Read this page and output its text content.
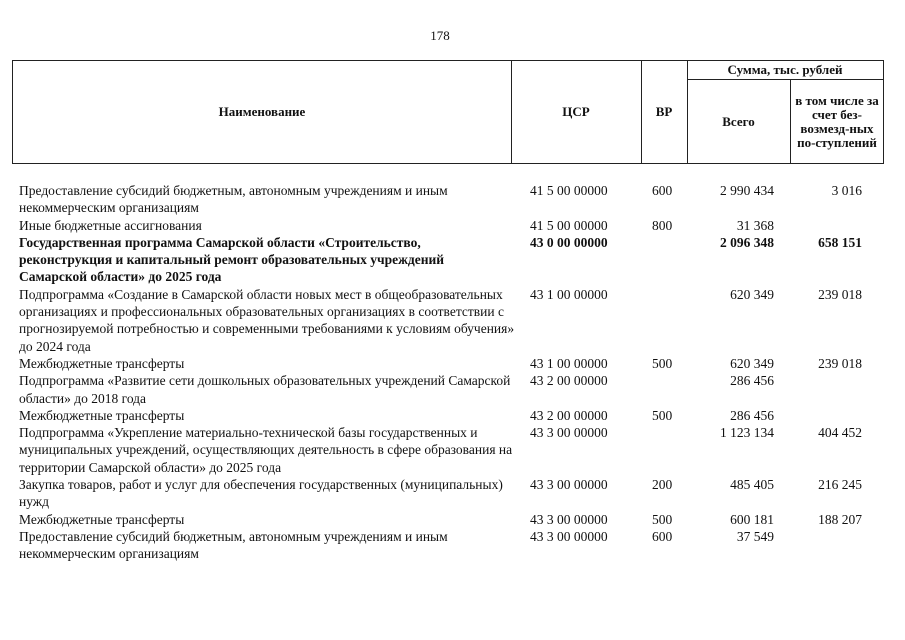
178
Наименование	ЦСР	ВР
Сумма, тыс. рублей
Всего
в том числе за счет без-возмезд-ных по-ступлений
Предоставление субсидий бюджетным, автономным учреждениям и иным некоммерческим организациям
41 5 00 00000	600	2 990 434	3 016
Иные бюджетные ассигнования	41 5 00 00000	800	31 368
Государственная программа Самарской области «Строительство, реконструкция и капитальный ремонт образовательных учреждений Самарской области» до 2025 года
43 0 00 00000	2 096 348	658 151
Подпрограмма «Создание в Самарской области новых мест в общеобразовательных организациях и профессиональных образовательных организациях в соответствии с прогнозируемой потребностью и современными требованиями к условиям обучения» до 2024 года
43 1 00 00000	620 349	239 018
Межбюджетные трансферты	43 1 00 00000	500	620 349	239 018
Подпрограмма «Развитие сети дошкольных образовательных учреждений Самарской области» до 2018 года
43 2 00 00000	286 456
Межбюджетные трансферты	43 2 00 00000	500	286 456
Подпрограмма «Укрепление материально-технической базы государственных и муниципальных учреждений, осуществляющих деятельность в сфере образования на территории Самарской области» до 2025 года
43 3 00 00000	1 123 134	404 452
Закупка товаров, работ и услуг для обеспечения государственных (муниципальных) нужд
43 3 00 00000	200	485 405	216 245
Межбюджетные трансферты	43 3 00 00000	500	600 181	188 207
Предоставление субсидий бюджетным, автономным учреждениям и иным некоммерческим организациям
43 3 00 00000	600	37 549
